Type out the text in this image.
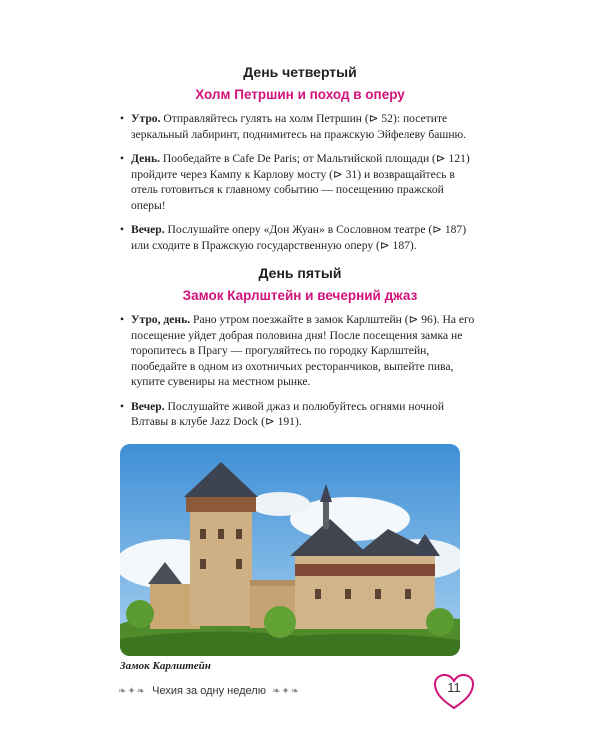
День четвертый
Холм Петршин и поход в оперу
• Утро. Отправляйтесь гулять на холм Петршин (⊳ 52): посетите зеркальный лабиринт, поднимитесь на пражскую Эйфелеву башню.
• День. Пообедайте в Cafe De Paris; от Мальтийской площади (⊳ 121) пройдите через Кампу к Карлову мосту (⊳ 31) и возвращайтесь в отель готовиться к главному событию — посещению пражской оперы!
• Вечер. Послушайте оперу «Дон Жуан» в Сословном театре (⊳ 187) или сходите в Пражскую государственную оперу (⊳ 187).
День пятый
Замок Карлштейн и вечерний джаз
• Утро, день. Рано утром поезжайте в замок Карлштейн (⊳ 96). На его посещение уйдет добрая половина дня! После посещения замка не торопитесь в Прагу — прогуляйтесь по городку Карлштейн, пообедайте в одном из охотничьих ресторанчиков, выпейте пива, купите сувениры на местном рынке.
• Вечер. Послушайте живой джаз и полюбуйтесь огнями ночной Влтавы в клубе Jazz Dock (⊳ 191).
Замок Карлштейн
❧✦❧ Чехия за одну неделю ❧✦❧	11
